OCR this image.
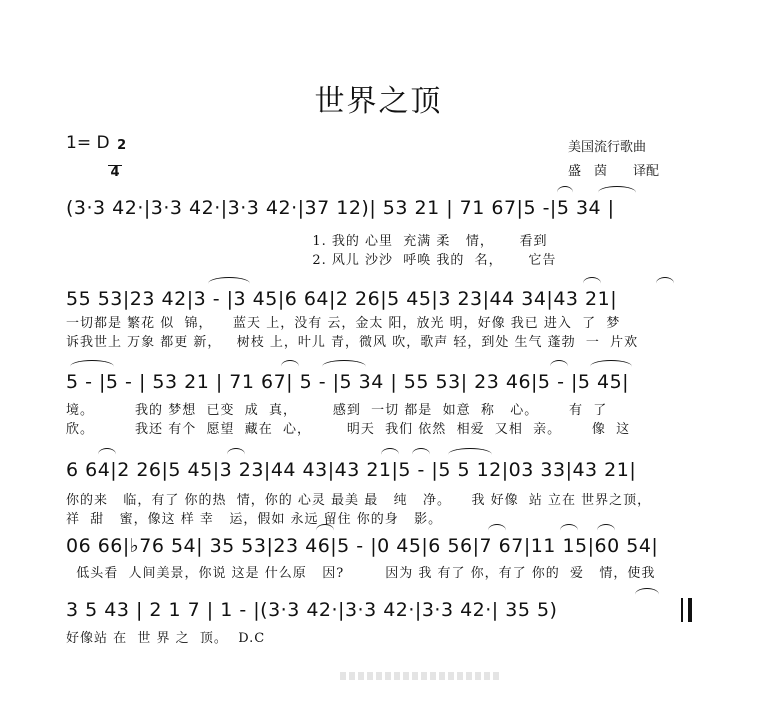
世界之顶
1= D 2

4

美国流行歌曲
盛　茵　　译配
(3·3 42·|3·3 42·|3·3 42·|37 12)| 53 21 | 71 67|5 -|5 34 |
1. 我的 心里  充满 柔   情，     看到
2. 风儿 沙沙  呼唤 我的  名，     它告
55 53|23 42|3 - |3 45|6 64|2 26|5 45|3 23|44 34|43 21|
一切都是 繁花 似  锦，    蓝天 上，没有 云，金太 阳，放光 明，好像 我已 进入  了  梦
诉我世上 万象 都更 新，   树枝 上，叶儿 青，微风 吹，歌声 轻，到处 生气 蓬勃  一  片欢
5 - |5 - | 53 21 | 71 67| 5 - |5 34 | 55 53| 23 46|5 - |5 45|
境。        我的 梦想  已变  成  真，       感到  一切 都是  如意  称   心。      有  了
欣。        我还 有个  愿望  藏在  心，       明天  我们 依然  相爱  又相  亲。      像  这
6 64|2 26|5 45|3 23|44 43|43 21|5 - |5 5 12|03 33|43 21|
你的来   临，有了 你的热  情，你的 心灵 最美 最   纯   净。    我 好像  站 立在 世界之顶，
祥  甜   蜜，像这 样 幸   运，假如 永远 留住 你的身   影。
06 66|♭76 54| 35 53|23 46|5 - |0 45|6 56|7 67|11 15|60 54|
低头看  人间美景，你说 这是 什么原   因?        因为 我 有了 你，有了 你的  爱   情，使我
3 5 43 | 2 1 7 | 1 - |(3·3 42·|3·3 42·|3·3 42·| 35 5)
好像站 在  世 界 之  顶。  D.C
